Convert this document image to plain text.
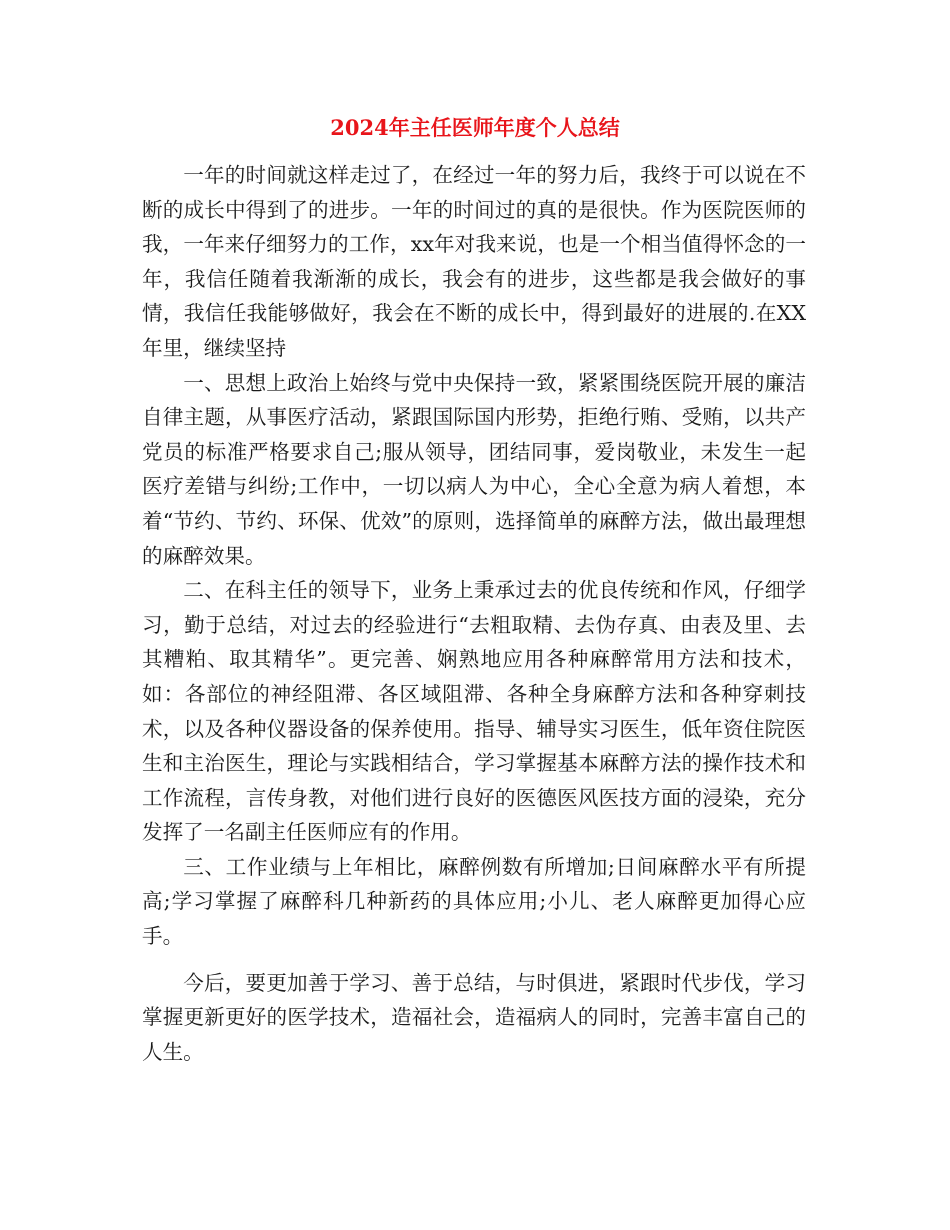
2024年主任医师年度个人总结

一年的时间就这样走过了，在经过一年的努力后，我终于可以说在不断的成长中得到了的进步。一年的时间过的真的是很快。作为医院医师的我，一年来仔细努力的工作，xx年对我来说，也是一个相当值得怀念的一年，我信任随着我渐渐的成长，我会有的进步，这些都是我会做好的事情，我信任我能够做好，我会在不断的成长中，得到最好的进展的.在XX年里，继续坚持

一、思想上政治上始终与党中央保持一致，紧紧围绕医院开展的廉洁自律主题，从事医疗活动，紧跟国际国内形势，拒绝行贿、受贿，以共产党员的标准严格要求自己;服从领导，团结同事，爱岗敬业，未发生一起医疗差错与纠纷;工作中，一切以病人为中心，全心全意为病人着想，本着“节约、节约、环保、优效”的原则，选择简单的麻醉方法，做出最理想的麻醉效果。

二、在科主任的领导下，业务上秉承过去的优良传统和作风，仔细学习，勤于总结，对过去的经验进行“去粗取精、去伪存真、由表及里、去其糟粕、取其精华”。更完善、娴熟地应用各种麻醉常用方法和技术，如：各部位的神经阻滞、各区域阻滞、各种全身麻醉方法和各种穿刺技术，以及各种仪器设备的保养使用。指导、辅导实习医生，低年资住院医生和主治医生，理论与实践相结合，学习掌握基本麻醉方法的操作技术和工作流程，言传身教，对他们进行良好的医德医风医技方面的浸染，充分发挥了一名副主任医师应有的作用。

三、工作业绩与上年相比，麻醉例数有所增加;日间麻醉水平有所提高;学习掌握了麻醉科几种新药的具体应用;小儿、老人麻醉更加得心应手。

今后，要更加善于学习、善于总结，与时俱进，紧跟时代步伐，学习掌握更新更好的医学技术，造福社会，造福病人的同时，完善丰富自己的人生。
